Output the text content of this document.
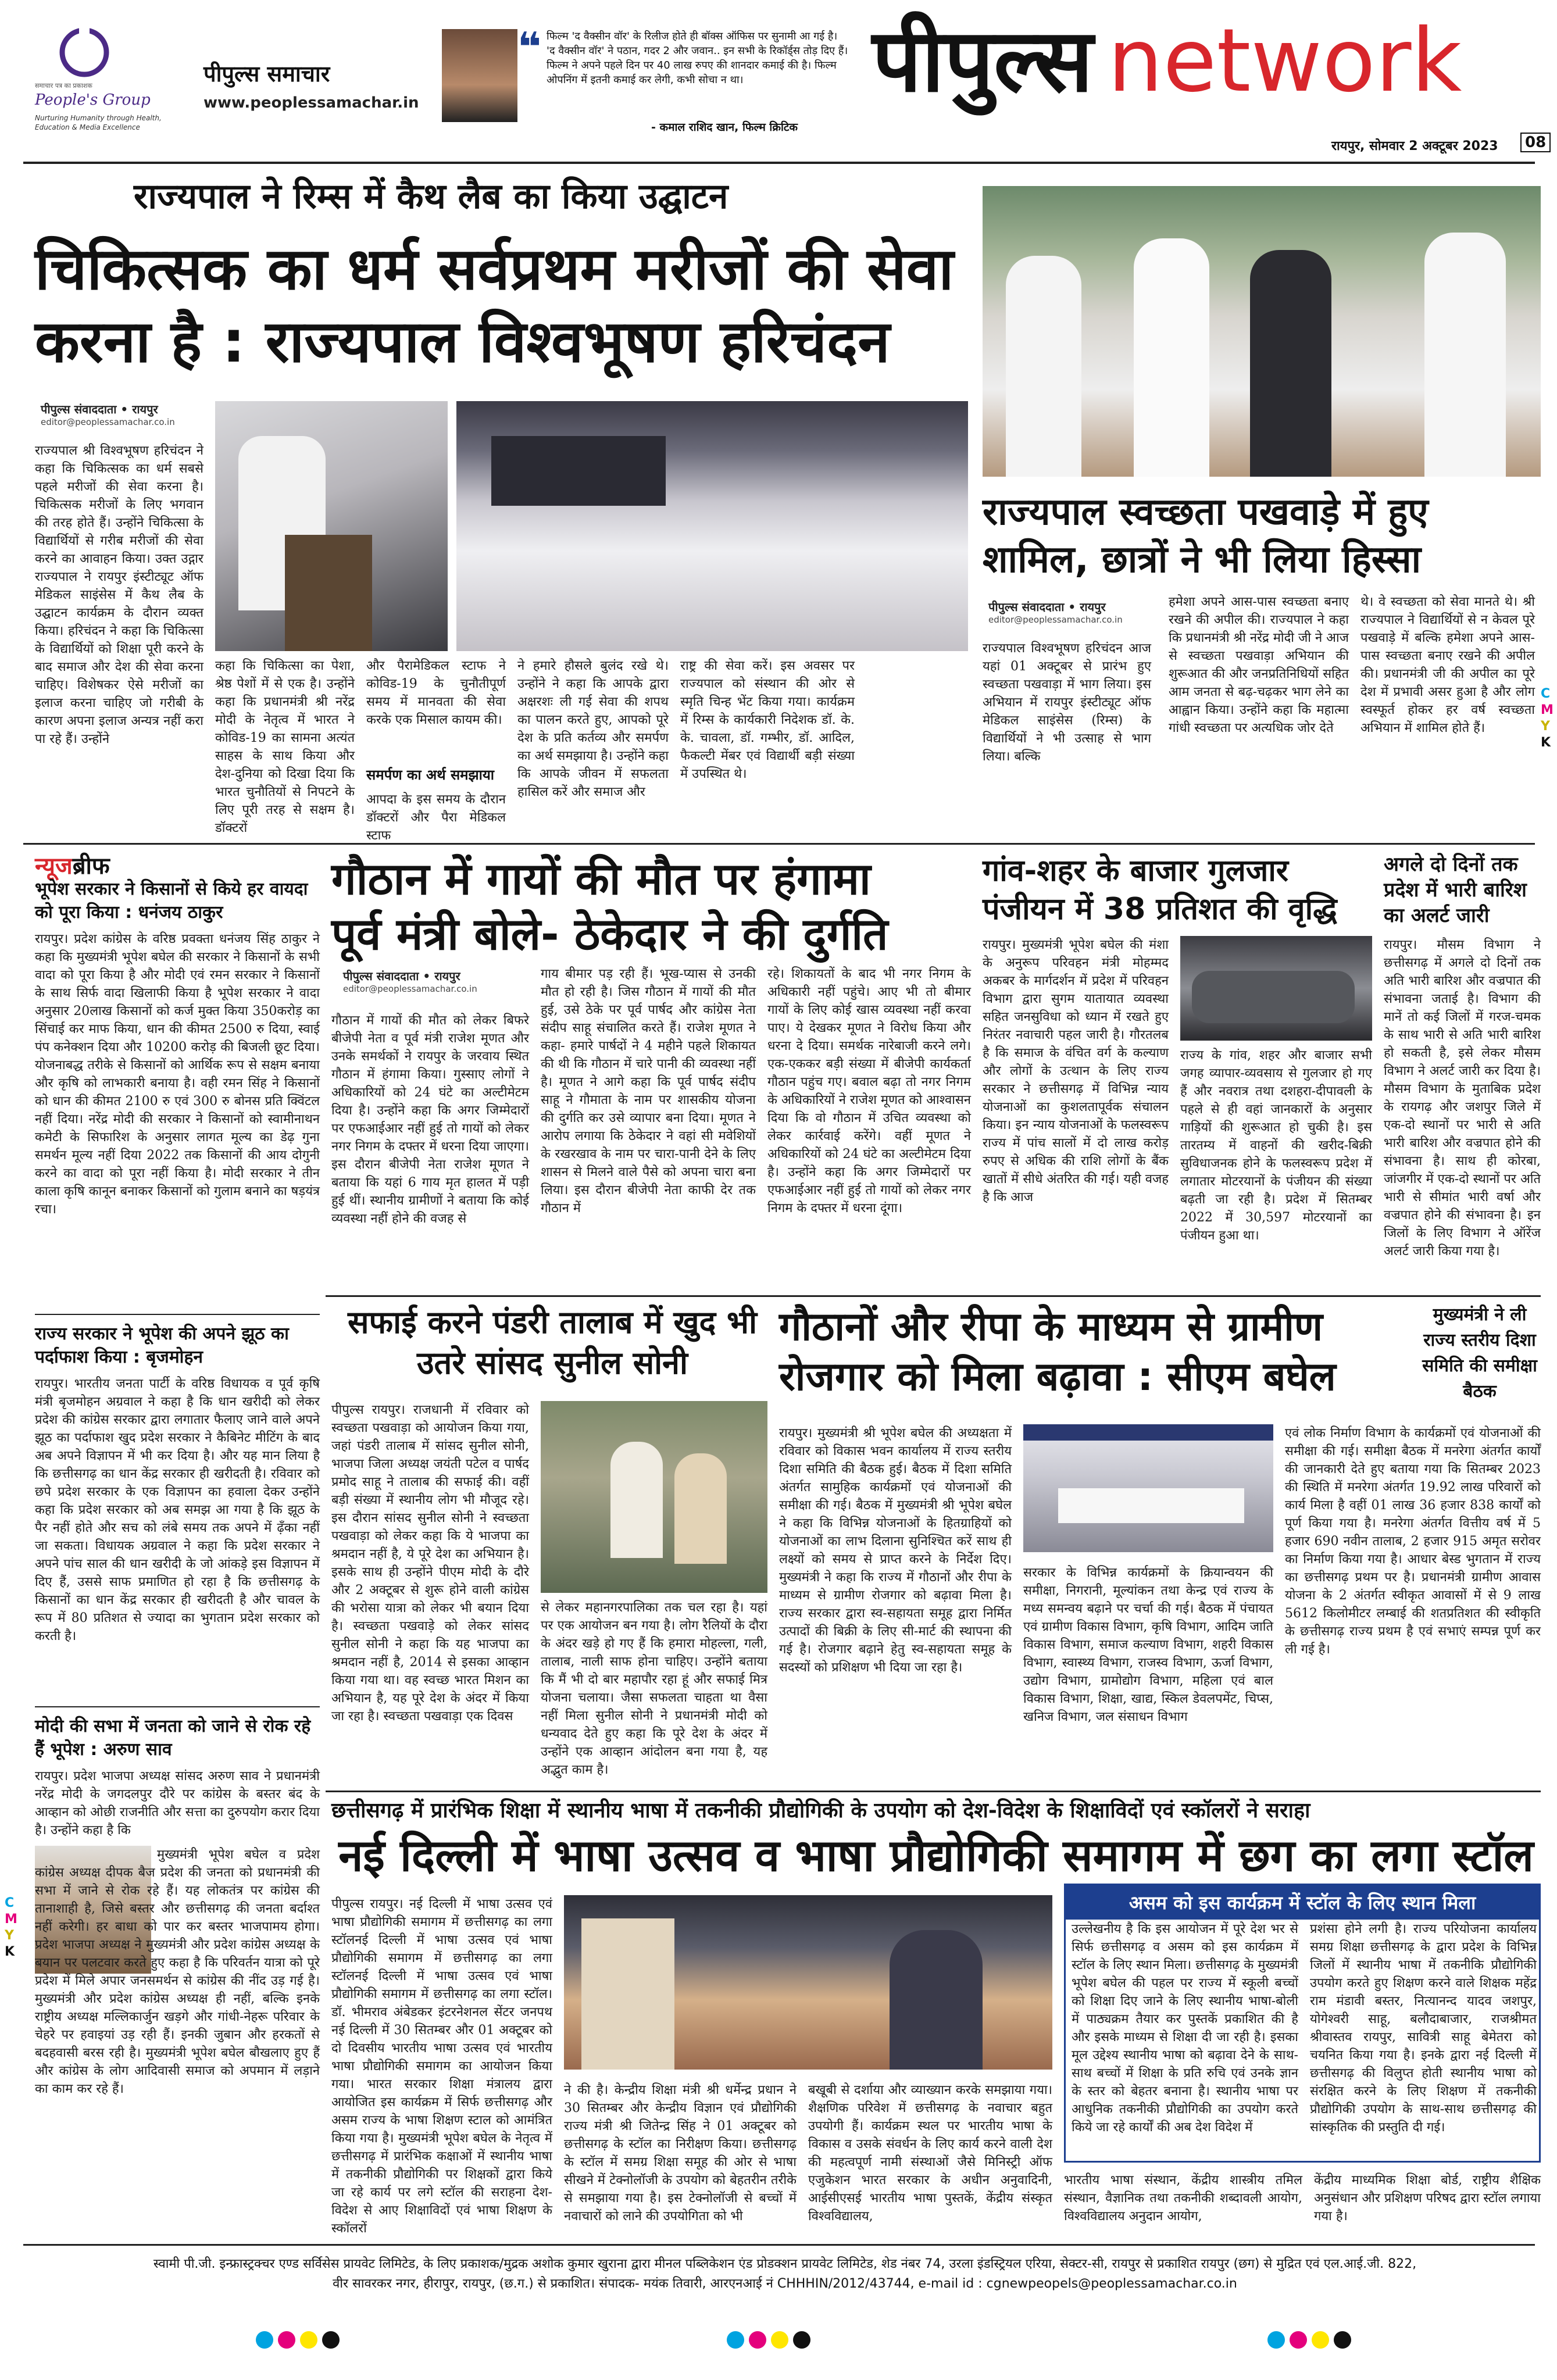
समाचार पत्र का प्रकाशक
People's Group
Nurturing Humanity through Health, Education & Media Excellence
पीपुल्स समाचार
www.peoplessamachar.in
❝ फिल्म 'द वैक्सीन वॉर' के रिलीज होते ही बॉक्स ऑफिस पर सुनामी आ गई है। 'द वैक्सीन वॉर' ने पठान, गदर 2 और जवान.. इन सभी के रिकॉर्ड्स तोड़ दिए हैं। फिल्म ने अपने पहले दिन पर 40 लाख रुपए की शानदार कमाई की है। फिल्म ओपनिंग में इतनी कमाई कर लेगी, कभी सोचा न था।
- कमाल राशिद खान, फिल्म क्रिटिक
पीपुल्स network
रायपुर, सोमवार 2 अक्टूबर 2023	08
राज्यपाल ने रिम्स में कैथ लैब का किया उद्घाटन
चिकित्सक का धर्म सर्वप्रथम मरीजों की सेवा करना है : राज्यपाल विश्वभूषण हरिचंदन
पीपुल्स संवाददाता • रायपुर
editor@peoplessamachar.co.in
राज्यपाल श्री विश्वभूषण हरिचंदन ने कहा कि चिकित्सक का धर्म सबसे पहले मरीजों की सेवा करना है। चिकित्सक मरीजों के लिए भगवान की तरह होते हैं। उन्होंने चिकित्सा के विद्यार्थियों से गरीब मरीजों की सेवा करने का आवाहन किया। उक्त उद्गार राज्यपाल ने रायपुर इंस्टीट्यूट ऑफ मेडिकल साइंसेस में कैथ लैब के उद्घाटन कार्यक्रम के दौरान व्यक्त किया। हरिचंदन ने कहा कि चिकित्सा के विद्यार्थियों को शिक्षा पूरी करने के बाद समाज और देश की सेवा करना चाहिए। विशेषकर ऐसे मरीजों का इलाज करना चाहिए जो गरीबी के कारण अपना इलाज अन्यत्र नहीं करा पा रहे हैं। उन्होंने
कहा कि चिकित्सा का पेशा, श्रेष्ठ पेशों में से एक है। उन्होंने कहा कि प्रधानमंत्री श्री नरेंद्र मोदी के नेतृत्व में भारत ने कोविड-19 का सामना अत्यंत साहस के साथ किया और देश-दुनिया को दिखा दिया कि भारत चुनौतियों से निपटने के लिए पूरी तरह से सक्षम है। डॉक्टरों
और पैरामेडिकल स्टाफ ने कोविड-19 के चुनौतीपूर्ण समय में मानवता की सेवा करके एक मिसाल कायम की।
समर्पण का अर्थ समझाया
आपदा के इस समय के दौरान डॉक्टरों और पैरा मेडिकल स्टाफ
ने हमारे हौसले बुलंद रखे थे। उन्होंने ने कहा कि आपके द्वारा अक्षरशः ली गई सेवा की शपथ का पालन करते हुए, आपको पूरे देश के प्रति कर्तव्य और समर्पण का अर्थ समझाया है। उन्होंने कहा कि आपके जीवन में सफलता हासिल करें और समाज और
राष्ट्र की सेवा करें। इस अवसर पर राज्यपाल को संस्थान की ओर से स्मृति चिन्ह भेंट किया गया। कार्यक्रम में रिम्स के कार्यकारी निदेशक डॉ. के. के. चावला, डॉ. गम्भीर, डॉ. आदिल, फैकल्टी मेंबर एवं विद्यार्थी बड़ी संख्या में उपस्थित थे।
राज्यपाल स्वच्छता पखवाड़े में हुए शामिल, छात्रों ने भी लिया हिस्सा
पीपुल्स संवाददाता • रायपुर
editor@peoplessamachar.co.in
राज्यपाल विश्वभूषण हरिचंदन आज यहां 01 अक्टूबर से प्रारंभ हुए स्वच्छता पखवाड़ा में भाग लिया। इस अभियान में रायपुर इंस्टीट्यूट ऑफ मेडिकल साइंसेस (रिम्स) के विद्यार्थियों ने भी उत्साह से भाग लिया। बल्कि
हमेशा अपने आस-पास स्वच्छता बनाए रखने की अपील की। राज्यपाल ने कहा कि प्रधानमंत्री श्री नरेंद्र मोदी जी ने आज से स्वच्छता पखवाड़ा अभियान की शुरूआत की और जनप्रतिनिधियों सहित आम जनता से बढ़-चढ़कर भाग लेने का आह्वान किया। उन्होंने कहा कि महात्मा गांधी स्वच्छता पर अत्यधिक जोर देते
थे। वे स्वच्छता को सेवा मानते थे। श्री राज्यपाल ने विद्यार्थियों से न केवल पूरे पखवाड़े में बल्कि हमेशा अपने आस-पास स्वच्छता बनाए रखने की अपील की। प्रधानमंत्री जी की अपील का पूरे देश में प्रभावी असर हुआ है और लोग स्वस्फूर्त होकर हर वर्ष स्वच्छता अभियान में शामिल होते हैं।
न्यूजब्रीफ
भूपेश सरकार ने किसानों से किये हर वायदा को पूरा किया : धनंजय ठाकुर
रायपुर। प्रदेश कांग्रेस के वरिष्ठ प्रवक्ता धनंजय सिंह ठाकुर ने कहा कि मुख्यमंत्री भूपेश बघेल की सरकार ने किसानों के सभी वादा को पूरा किया है और मोदी एवं रमन सरकार ने किसानों के साथ सिर्फ वादा खिलाफी किया है भूपेश सरकार ने वादा अनुसार 20लाख किसानों को कर्ज मुक्त किया 350करोड़ का सिंचाई कर माफ किया, धान की कीमत 2500 रु दिया, स्वाई पंप कनेक्शन दिया और 10200 करोड़ की बिजली छूट दिया। योजनाबद्ध तरीके से किसानों को आर्थिक रूप से सक्षम बनाया और कृषि को लाभकारी बनाया है। वही रमन सिंह ने किसानों को धान की कीमत 2100 रु एवं 300 रु बोनस प्रति क्विंटल नहीं दिया। नरेंद्र मोदी की सरकार ने किसानों को स्वामीनाथन कमेटी के सिफारिश के अनुसार लागत मूल्य का डेढ़ गुना समर्थन मूल्य नहीं दिया 2022 तक किसानों की आय दोगुनी करने का वादा को पूरा नहीं किया है। मोदी सरकार ने तीन काला कृषि कानून बनाकर किसानों को गुलाम बनाने का षड़यंत्र रचा।
राज्य सरकार ने भूपेश की अपने झूठ का पर्दाफाश किया : बृजमोहन
रायपुर। भारतीय जनता पार्टी के वरिष्ठ विधायक व पूर्व कृषि मंत्री बृजमोहन अग्रवाल ने कहा है कि धान खरीदी को लेकर प्रदेश की कांग्रेस सरकार द्वारा लगातार फैलाए जाने वाले अपने झूठ का पर्दाफाश खुद प्रदेश सरकार ने कैबिनेट मीटिंग के बाद अब अपने विज्ञापन में भी कर दिया है। और यह मान लिया है कि छत्तीसगढ़ का धान केंद्र सरकार ही खरीदती है। रविवार को छपे प्रदेश सरकार के एक विज्ञापन का हवाला देकर उन्होंने कहा कि प्रदेश सरकार को अब समझ आ गया है कि झूठ के पैर नहीं होते और सच को लंबे समय तक अपने में ढ़ँका नहीं जा सकता। विधायक अग्रवाल ने कहा कि प्रदेश सरकार ने अपने पांच साल की धान खरीदी के जो आंकड़े इस विज्ञापन में दिए हैं, उससे साफ प्रमाणित हो रहा है कि छत्तीसगढ़ के किसानों का धान केंद्र सरकार ही खरीदती है और चावल के रूप में 80 प्रतिशत से ज्यादा का भुगतान प्रदेश सरकार को करती है।
मोदी की सभा में जनता को जाने से रोक रहे हैं भूपेश : अरुण साव
रायपुर। प्रदेश भाजपा अध्यक्ष सांसद अरुण साव ने प्रधानमंत्री नरेंद्र मोदी के जगदलपुर दौरे पर कांग्रेस के बस्तर बंद के आव्हान को ओछी राजनीति और सत्ता का दुरुपयोग करार दिया है। उन्होंने कहा है कि
मुख्यमंत्री भूपेश बघेल व प्रदेश कांग्रेस अध्यक्ष दीपक बैज प्रदेश की जनता को प्रधानमंत्री की सभा में जाने से रोक रहे हैं। यह लोकतंत्र पर कांग्रेस की तानाशाही है, जिसे बस्तर और छत्तीसगढ़ की जनता बर्दाश्त नहीं करेगी। हर बाधा को पार कर बस्तर भाजपामय होगा। प्रदेश भाजपा अध्यक्ष ने मुख्यमंत्री और प्रदेश कांग्रेस अध्यक्ष के बयान पर पलटवार करते हुए कहा है कि परिवर्तन यात्रा को पूरे प्रदेश में मिले अपार जनसमर्थन से कांग्रेस की नींद उड़ गई है। मुख्यमंत्री और प्रदेश कांग्रेस अध्यक्ष ही नहीं, बल्कि इनके राष्ट्रीय अध्यक्ष मल्लिकार्जुन खड़गे और गांधी-नेहरू परिवार के चेहरे पर हवाइयां उड़ रही हैं। इनकी जुबान और हरकतों से बदहवासी बरस रही है। मुख्यमंत्री भूपेश बघेल बौखलाए हुए हैं और कांग्रेस के लोग आदिवासी समाज को अपमान में लड़ाने का काम कर रहे हैं।
गौठान में गायों की मौत पर हंगामा
पूर्व मंत्री बोले- ठेकेदार ने की दुर्गति
पीपुल्स संवाददाता • रायपुर
editor@peoplessamachar.co.in
गौठान में गायों की मौत को लेकर बिफरे बीजेपी नेता व पूर्व मंत्री राजेश मूणत और उनके समर्थकों ने रायपुर के जरवाय स्थित गौठान में हंगामा किया। गुस्साए लोगों ने अधिकारियों को 24 घंटे का अल्टीमेटम दिया है। उन्होंने कहा कि अगर जिम्मेदारों पर एफआईआर नहीं हुई तो गायों को लेकर नगर निगम के दफ्तर में धरना दिया जाएगा। इस दौरान बीजेपी नेता राजेश मूणत ने बताया कि यहां 6 गाय मृत हालत में पड़ी हुई थीं। स्थानीय ग्रामीणों ने बताया कि कोई व्यवस्था नहीं होने की वजह से
गाय बीमार पड़ रही हैं। भूख-प्यास से उनकी मौत हो रही है। जिस गौठान में गायों की मौत हुई, उसे ठेके पर पूर्व पार्षद और कांग्रेस नेता संदीप साहू संचालित करते हैं। राजेश मूणत ने कहा- हमारे पार्षदों ने 4 महीने पहले शिकायत की थी कि गौठान में चारे पानी की व्यवस्था नहीं है। मूणत ने आगे कहा कि पूर्व पार्षद संदीप साहू ने गौमाता के नाम पर शासकीय योजना की दुर्गति कर उसे व्यापार बना दिया। मूणत ने आरोप लगाया कि ठेकेदार ने वहां सी मवेशियों के रखरखाव के नाम पर चारा-पानी देने के लिए शासन से मिलने वाले पैसे को अपना चारा बना लिया। इस दौरान बीजेपी नेता काफी देर तक गौठान में
रहे। शिकायतों के बाद भी नगर निगम के अधिकारी नहीं पहुंचे। आए भी तो बीमार गायों के लिए कोई खास व्यवस्था नहीं करवा पाए। ये देखकर मूणत ने विरोध किया और धरना दे दिया। समर्थक नारेबाजी करने लगे। एक-एककर बड़ी संख्या में बीजेपी कार्यकर्ता गौठान पहुंच गए। बवाल बढ़ा तो नगर निगम के अधिकारियों ने राजेश मूणत को आश्वासन दिया कि वो गौठान में उचित व्यवस्था को लेकर कार्रवाई करेंगे। वहीं मूणत ने अधिकारियों को 24 घंटे का अल्टीमेटम दिया है। उन्होंने कहा कि अगर जिम्मेदारों पर एफआईआर नहीं हुई तो गायों को लेकर नगर निगम के दफ्तर में धरना दूंगा।
गांव-शहर के बाजार गुलजार पंजीयन में 38 प्रतिशत की वृद्धि
रायपुर। मुख्यमंत्री भूपेश बघेल की मंशा के अनुरूप परिवहन मंत्री मोहम्मद अकबर के मार्गदर्शन में प्रदेश में परिवहन विभाग द्वारा सुगम यातायात व्यवस्था सहित जनसुविधा को ध्यान में रखते हुए निरंतर नवाचारी पहल जारी है। गौरतलब है कि समाज के वंचित वर्ग के कल्याण और लोगों के उत्थान के लिए राज्य सरकार ने छत्तीसगढ़ में विभिन्न न्याय योजनाओं का कुशलतापूर्वक संचालन किया। इन न्याय योजनाओं के फलस्वरूप राज्य में पांच सालों में दो लाख करोड़ रुपए से अधिक की राशि लोगों के बैंक खातों में सीधे अंतरित की गई। यही वजह है कि आज
राज्य के गांव, शहर और बाजार सभी जगह व्यापार-व्यवसाय से गुलजार हो गए हैं और नवरात्र तथा दशहरा-दीपावली के पहले से ही वहां जानकारों के अनुसार गाड़ियों की शुरूआत हो चुकी है। इस तारतम्य में वाहनों की खरीद-बिक्री सुविधाजनक होने के फलस्वरूप प्रदेश में लगातार मोटरयानों के पंजीयन की संख्या बढ़ती जा रही है। प्रदेश में सितम्बर 2022 में 30,597 मोटरयानों का पंजीयन हुआ था।
अगले दो दिनों तक प्रदेश में भारी बारिश का अलर्ट जारी
रायपुर। मौसम विभाग ने छत्तीसगढ़ में अगले दो दिनों तक अति भारी बारिश और वज्रपात की संभावना जताई है। विभाग की मानें तो कई जिलों में गरज-चमक के साथ भारी से अति भारी बारिश हो सकती है, इसे लेकर मौसम विभाग ने अलर्ट जारी कर दिया है। मौसम विभाग के मुताबिक प्रदेश के रायगढ़ और जशपुर जिले में एक-दो स्थानों पर भारी से अति भारी बारिश और वज्रपात होने की संभावना है। साथ ही कोरबा, जांजगीर में एक-दो स्थानों पर अति भारी से सीमांत भारी वर्षा और वज्रपात होने की संभावना है। इन जिलों के लिए विभाग ने ऑरेंज अलर्ट जारी किया गया है।
सफाई करने पंडरी तालाब में खुद भी उतरे सांसद सुनील सोनी
पीपुल्स रायपुर। राजधानी में रविवार को स्वच्छता पखवाड़ा को आयोजन किया गया, जहां पंडरी तालाब में सांसद सुनील सोनी, भाजपा जिला अध्यक्ष जयंती पटेल व पार्षद प्रमोद साहू ने तालाब की सफाई की। वहीं बड़ी संख्या में स्थानीय लोग भी मौजूद रहे। इस दौरान सांसद सुनील सोनी ने स्वच्छता पखवाड़ा को लेकर कहा कि ये भाजपा का श्रमदान नहीं है, ये पूरे देश का अभियान है। इसके साथ ही उन्होंने पीएम मोदी के दौरे और 2 अक्टूबर से शुरू होने वाली कांग्रेस की भरोसा यात्रा को लेकर भी बयान दिया है। स्वच्छता पखवाड़े को लेकर सांसद सुनील सोनी ने कहा कि यह भाजपा का श्रमदान नहीं है, 2014 से इसका आव्हान किया गया था। वह स्वच्छ भारत मिशन का अभियान है, यह पूरे देश के अंदर में किया जा रहा है। स्वच्छता पखवाड़ा एक दिवस
से लेकर महानगरपालिका तक चल रहा है। यहां पर एक आयोजन बन गया है। लोग रैलियों के दौरा के अंदर खड़े हो गए हैं कि हमारा मोहल्ला, गली, तालाब, नाली साफ होना चाहिए। उन्होंने बताया कि मैं भी दो बार महापौर रहा हूं और सफाई मित्र योजना चलाया। जैसा सफलता चाहता था वैसा नहीं मिला सुनील सोनी ने प्रधानमंत्री मोदी को धन्यवाद देते हुए कहा कि पूरे देश के अंदर में उन्होंने एक आव्हान आंदोलन बना गया है, यह अद्भुत काम है।
गौठानों और रीपा के माध्यम से ग्रामीण रोजगार को मिला बढ़ावा : सीएम बघेल
मुख्यमंत्री ने ली राज्य स्तरीय दिशा समिति की समीक्षा बैठक
रायपुर। मुख्यमंत्री श्री भूपेश बघेल की अध्यक्षता में रविवार को विकास भवन कार्यालय में राज्य स्तरीय दिशा समिति की बैठक हुई। बैठक में दिशा समिति अंतर्गत सामुहिक कार्यक्रमों एवं योजनाओं की समीक्षा की गई। बैठक में मुख्यमंत्री श्री भूपेश बघेल ने कहा कि विभिन्न योजनाओं के हितग्राहियों को योजनाओं का लाभ दिलाना सुनिश्चित करें साथ ही लक्ष्यों को समय से प्राप्त करने के निर्देश दिए। मुख्यमंत्री ने कहा कि राज्य में गौठानों और रीपा के माध्यम से ग्रामीण रोजगार को बढ़ावा मिला है। राज्य सरकार द्वारा स्व-सहायता समूह द्वारा निर्मित उत्पादों की बिक्री के लिए सी-मार्ट की स्थापना की गई है। रोजगार बढ़ाने हेतु स्व-सहायता समूह के सदस्यों को प्रशिक्षण भी दिया जा रहा है।
सरकार के विभिन्न कार्यक्रमों के क्रियान्वयन की समीक्षा, निगरानी, मूल्यांकन तथा केन्द्र एवं राज्य के मध्य समन्वय बढ़ाने पर चर्चा की गई। बैठक में पंचायत एवं ग्रामीण विकास विभाग, कृषि विभाग, आदिम जाति विकास विभाग, समाज कल्याण विभाग, शहरी विकास विभाग, स्वास्थ्य विभाग, राजस्व विभाग, ऊर्जा विभाग, उद्योग विभाग, ग्रामोद्योग विभाग, महिला एवं बाल विकास विभाग, शिक्षा, खाद्य, स्किल डेवलपमेंट, चिप्स, खनिज विभाग, जल संसाधन विभाग
एवं लोक निर्माण विभाग के कार्यक्रमों एवं योजनाओं की समीक्षा की गई। समीक्षा बैठक में मनरेगा अंतर्गत कार्यों की जानकारी देते हुए बताया गया कि सितम्बर 2023 की स्थिति में मनरेगा अंतर्गत 19.92 लाख परिवारों को कार्य मिला है वहीं 01 लाख 36 हजार 838 कार्यों को पूर्ण किया गया है। मनरेगा अंतर्गत वित्तीय वर्ष में 5 हजार 690 नवीन तालाब, 2 हजार 915 अमृत सरोवर का निर्माण किया गया है। आधार बेस्ड भुगतान में राज्य का छत्तीसगढ़ प्रथम पर है। प्रधानमंत्री ग्रामीण आवास योजना के 2 अंतर्गत स्वीकृत आवासों में से 9 लाख 5612 किलोमीटर लम्बाई की शतप्रतिशत की स्वीकृति के छत्तीसगढ़ राज्य प्रथम है एवं सभाएं सम्पन्न पूर्ण कर ली गई है।
छत्तीसगढ़ में प्रारंभिक शिक्षा में स्थानीय भाषा में तकनीकी प्रौद्योगिकी के उपयोग को देश-विदेश के शिक्षाविदों एवं स्कॉलरों ने सराहा
नई दिल्ली में भाषा उत्सव व भाषा प्रौद्योगिकी समागम में छग का लगा स्टॉल
पीपुल्स रायपुर। नई दिल्ली में भाषा उत्सव एवं भाषा प्रौद्योगिकी समागम में छत्तीसगढ़ का लगा स्टॉलनई दिल्ली में भाषा उत्सव एवं भाषा प्रौद्योगिकी समागम में छत्तीसगढ़ का लगा स्टॉलनई दिल्ली में भाषा उत्सव एवं भाषा प्रौद्योगिकी समागम में छत्तीसगढ़ का लगा स्टॉल। डॉ. भीमराव अंबेडकर इंटरनेशनल सेंटर जनपथ नई दिल्ली में 30 सितम्बर और 01 अक्टूबर को दो दिवसीय भारतीय भाषा उत्सव एवं भारतीय भाषा प्रौद्योगिकी समागम का आयोजन किया गया। भारत सरकार शिक्षा मंत्रालय द्वारा आयोजित इस कार्यक्रम में सिर्फ छत्तीसगढ़ और असम राज्य के भाषा शिक्षण स्टाल को आमंत्रित किया गया है। मुख्यमंत्री भूपेश बघेल के नेतृत्व में छत्तीसगढ़ में प्रारंभिक कक्षाओं में स्थानीय भाषा में तकनीकी प्रौद्योगिकी पर शिक्षकों द्वारा किये जा रहे कार्य पर लगे स्टॉल की सराहना देश-विदेश से आए शिक्षाविदों एवं भाषा शिक्षण के स्कॉलरों
ने की है। केन्द्रीय शिक्षा मंत्री श्री धर्मेन्द्र प्रधान ने 30 सितम्बर और केन्द्रीय विज्ञान एवं प्रौद्योगिकी राज्य मंत्री श्री जितेन्द्र सिंह ने 01 अक्टूबर को छत्तीसगढ़ के स्टॉल का निरीक्षण किया। छत्तीसगढ़ के स्टॉल में समग्र शिक्षा समूह की ओर से भाषा सीखने में टेक्नोलॉजी के उपयोग को बेहतरीन तरीके से समझाया गया है। इस टेक्नोलॉजी से बच्चों में नवाचारों को लाने की उपयोगिता को भी
बखूबी से दर्शाया और व्याख्यान करके समझाया गया। शैक्षणिक परिवेश में छत्तीसगढ़ के नवाचार बहुत उपयोगी हैं। कार्यक्रम स्थल पर भारतीय भाषा के विकास व उसके संवर्धन के लिए कार्य करने वाली देश की महत्वपूर्ण नामी संस्थाओं जैसे मिनिस्ट्री ऑफ एजुकेशन भारत सरकार के अधीन अनुवादिनी, आईसीएसई भारतीय भाषा पुस्तकें, केंद्रीय संस्कृत विश्वविद्यालय,
भारतीय भाषा संस्थान, केंद्रीय शास्त्रीय तमिल संस्थान, वैज्ञानिक तथा तकनीकी शब्दावली आयोग, विश्वविद्यालय अनुदान आयोग,
केंद्रीय माध्यमिक शिक्षा बोर्ड, राष्ट्रीय शैक्षिक अनुसंधान और प्रशिक्षण परिषद द्वारा स्टॉल लगाया गया है।
असम को इस कार्यक्रम में स्टॉल के लिए स्थान मिला
उल्लेखनीय है कि इस आयोजन में पूरे देश भर से सिर्फ छत्तीसगढ़ व असम को इस कार्यक्रम में स्टॉल के लिए स्थान मिला। छत्तीसगढ़ के मुख्यमंत्री भूपेश बघेल की पहल पर राज्य में स्कूली बच्चों को शिक्षा दिए जाने के लिए स्थानीय भाषा-बोली में पाठ्यक्रम तैयार कर पुस्तकें प्रकाशित की है और इसके माध्यम से शिक्षा दी जा रही है। इसका मूल उद्देश्य स्थानीय भाषा को बढ़ावा देने के साथ-साथ बच्चों में शिक्षा के प्रति रुचि एवं उनके ज्ञान के स्तर को बेहतर बनाना है। स्थानीय भाषा पर आधुनिक तकनीकी प्रौद्योगिकी का उपयोग करते किये जा रहे कार्यों की अब देश विदेश में
प्रशंसा होने लगी है। राज्य परियोजना कार्यालय समग्र शिक्षा छत्तीसगढ़ के द्वारा प्रदेश के विभिन्न जिलों में स्थानीय भाषा में तकनीकि प्रौद्योगिकी उपयोग करते हुए शिक्षण करने वाले शिक्षक महेंद्र राम मंडावी बस्तर, नित्यानन्द यादव जशपुर, योगेश्वरी साहू, बलौदाबाजार, राजश्रीमत श्रीवास्तव रायपुर, सावित्री साहू बेमेतरा को चयनित किया गया है। इनके द्वारा नई दिल्ली में छत्तीसगढ़ की विलुप्त होती स्थानीय भाषा को संरक्षित करने के लिए शिक्षण में तकनीकी प्रौद्योगिकी उपयोग के साथ-साथ छत्तीसगढ़ की सांस्कृतिक की प्रस्तुति दी गई।
स्वामी पी.जी. इन्फ्रास्ट्रक्चर एण्ड सर्विसेस प्रायवेट लिमिटेड, के लिए प्रकाशक/मुद्रक अशोक कुमार खुराना द्वारा मीनल पब्लिकेशन एंड प्रोडक्शन प्रायवेट लिमिटेड, शेड नंबर 74, उरला इंडस्ट्रियल एरिया, सेक्टर-सी, रायपुर से प्रकाशित रायपुर (छग) से मुद्रित एवं एल.आई.जी. 822,
वीर सावरकर नगर, हीरापुर, रायपुर, (छ.ग.) से प्रकाशित। संपादक- मयंक तिवारी, आरएनआई नं CHHHIN/2012/43744, e-mail id : cgnewpeopels@peoplessamachar.co.in
C
M
Y
K
C
M
Y
K
